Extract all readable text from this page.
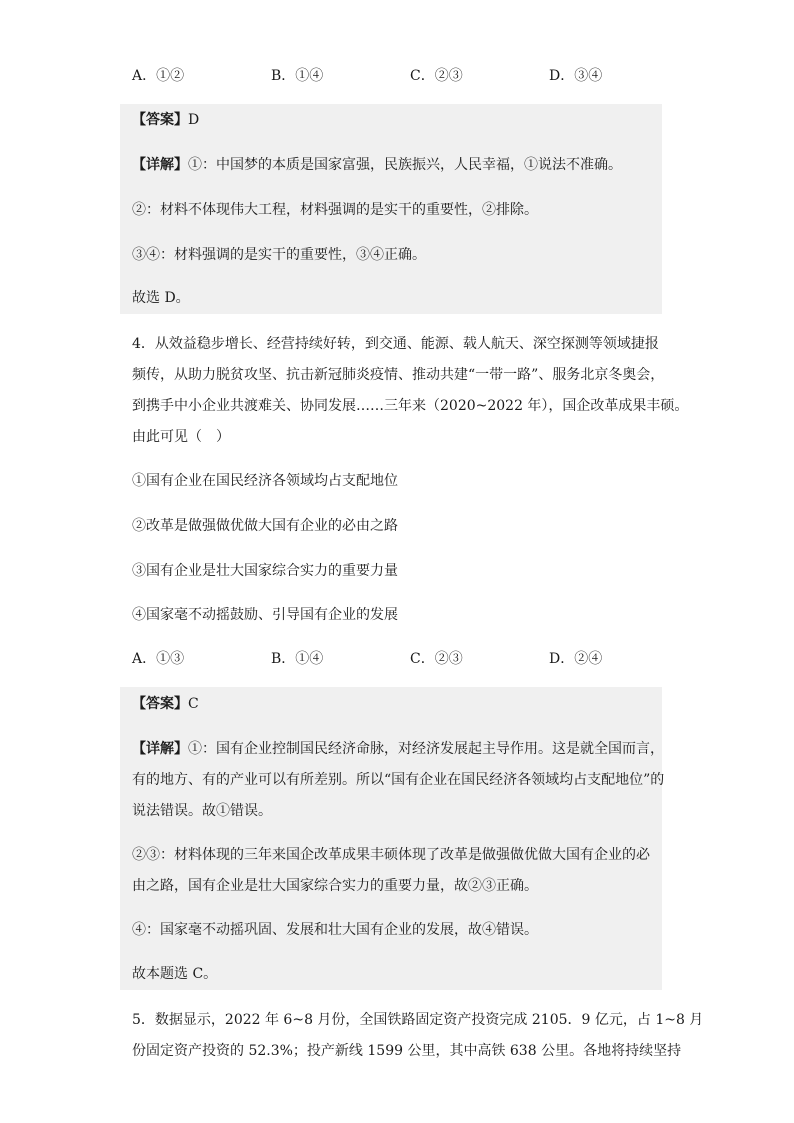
A．①②	B．①④	C．②③	D．③④
【答案】D
【详解】①：中国梦的本质是国家富强，民族振兴，人民幸福，①说法不准确。
②：材料不体现伟大工程，材料强调的是实干的重要性，②排除。
③④：材料强调的是实干的重要性，③④正确。
故选 D。
4．从效益稳步增长、经营持续好转，到交通、能源、载人航天、深空探测等领域捷报
频传，从助力脱贫攻坚、抗击新冠肺炎疫情、推动共建“一带一路”、服务北京冬奥会，
到携手中小企业共渡难关、协同发展……三年来（2020~2022 年），国企改革成果丰硕。
由此可见（　）
①国有企业在国民经济各领域均占支配地位
②改革是做强做优做大国有企业的必由之路
③国有企业是壮大国家综合实力的重要力量
④国家毫不动摇鼓励、引导国有企业的发展
A．①③	B．①④	C．②③	D．②④
【答案】C
【详解】①：国有企业控制国民经济命脉，对经济发展起主导作用。这是就全国而言，
有的地方、有的产业可以有所差别。所以“国有企业在国民经济各领域均占支配地位”的
说法错误。故①错误。
②③：材料体现的三年来国企改革成果丰硕体现了改革是做强做优做大国有企业的必
由之路，国有企业是壮大国家综合实力的重要力量，故②③正确。
④：国家毫不动摇巩固、发展和壮大国有企业的发展，故④错误。
故本题选 C。
5．数据显示，2022 年 6~8 月份，全国铁路固定资产投资完成 2105．9 亿元，占 1~8 月
份固定资产投资的 52.3%；投产新线 1599 公里，其中高铁 638 公里。各地将持续坚持
